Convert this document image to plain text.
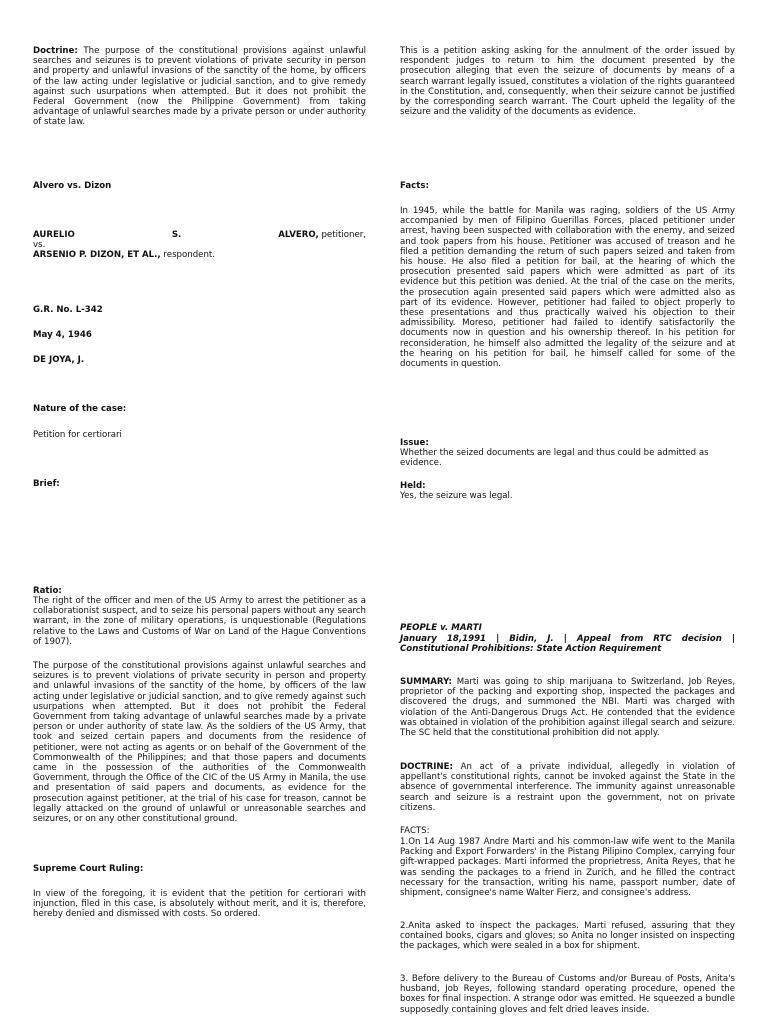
Doctrine: The purpose of the constitutional provisions against unlawful searches and seizures is to prevent violations of private security in person and property and unlawful invasions of the sanctity of the home, by officers of the law acting under legislative or judicial sanction, and to give remedy against such usurpations when attempted. But it does not prohibit the Federal Government (now the Philippine Government) from taking advantage of unlawful searches made by a private person or under authority of state law.

Alvero vs. Dizon

AURELIO	S.	ALVERO, petitioner,

vs.

ARSENIO P. DIZON, ET AL., respondent.

G.R. No. L-342

May 4, 1946

DE JOYA, J.

Nature of the case:

Petition for certiorari

Brief:

Ratio:

The right of the officer and men of the US Army to arrest the petitioner as a collaborationist suspect, and to seize his personal papers without any search warrant, in the zone of military operations, is unquestionable (Regulations relative to the Laws and Customs of War on Land of the Hague Conventions of 1907).

The purpose of the constitutional provisions against unlawful searches and seizures is to prevent violations of private security in person and property and unlawful invasions of the sanctity of the home, by officers of the law acting under legislative or judicial sanction, and to give remedy against such usurpations when attempted. But it does not prohibit the Federal Government from taking advantage of unlawful searches made by a private person or under authority of state law. As the soldiers of the US Army, that took and seized certain papers and documents from the residence of petitioner, were not acting as agents or on behalf of the Government of the Commonwealth of the Philippines; and that those papers and documents came in the possession of the authorities of the Commonwealth Government, through the Office of the CIC of the US Army in Manila, the use and presentation of said papers and documents, as evidence for the prosecution against petitioner, at the trial of his case for treason, cannot be legally attacked on the ground of unlawful or unreasonable searches and seizures, or on any other constitutional ground.

Supreme Court Ruling:

In view of the foregoing, it is evident that the petition for certiorari with injunction, filed in this case, is absolutely without merit, and it is, therefore, hereby denied and dismissed with costs. So ordered.

This is a petition asking asking for the annulment of the order issued by respondent judges to return to him the document presented by the prosecution alleging that even the seizure of documents by means of a search warrant legally issued, constitutes a violation of the rights guaranteed in the Constitution, and, consequently, when their seizure cannot be justified by the corresponding search warrant. The Court upheld the legality of the seizure and the validity of the documents as evidence.

Facts:

In 1945, while the battle for Manila was raging, soldiers of the US Army accompanied by men of Filipino Guerillas Forces, placed petitioner under arrest, having been suspected with collaboration with the enemy, and seized and took papers from his house. Petitioner was accused of treason and he filed a petition demanding the return of such papers seized and taken from his house. He also filed a petition for bail, at the hearing of which the prosecution presented said papers which were admitted as part of its evidence but this petition was denied. At the trial of the case on the merits, the prosecution again presented said papers which were admitted also as part of its evidence. However, petitioner had failed to object properly to these presentations and thus practically waived his objection to their admissibility. Moreso, petitioner had failed to identify satisfactorily the documents now in question and his ownership thereof. In his petition for reconsideration, he himself also admitted the legality of the seizure and at the hearing on his petition for bail, he himself called for some of the documents in question.

Issue:

Whether the seized documents are legal and thus could be admitted as evidence.

Held:

Yes, the seizure was legal.

PEOPLE v. MARTI

January 18,1991 | Bidin, J. | Appeal from RTC decision | Constitutional Prohibitions: State Action Requirement

SUMMARY: Marti was going to ship marijuana to Switzerland. Job Reyes, proprietor of the packing and exporting shop, inspected the packages and discovered the drugs, and summoned the NBI. Marti was charged with violation of the Anti-Dangerous Drugs Act. He contended that the evidence was obtained in violation of the prohibition against illegal search and seizure. The SC held that the constitutional prohibition did not apply.

DOCTRINE: An act of a private individual, allegedly in violation of appellant's constitutional rights, cannot be invoked against the State in the absence of governmental interference. The immunity against unreasonable search and seizure is a restraint upon the government, not on private citizens.

FACTS:

1.On 14 Aug 1987 Andre Marti and his common-law wife went to the Manila Packing and Export Forwarders' in the Pistang Pilipino Complex, carrying four gift-wrapped packages. Marti informed the proprietress, Anita Reyes, that he was sending the packages to a friend in Zurich, and he filled the contract necessary for the transaction, writing his name, passport number, date of shipment, consignee's name Walter Fierz, and consignee's address.

2.Anita asked to inspect the packages. Marti refused, assuring that they contained books, cigars and gloves; so Anita no longer insisted on inspecting the packages, which were sealed in a box for shipment.

3. Before delivery to the Bureau of Customs and/or Bureau of Posts, Anita's husband, Job Reyes, following standard operating procedure, opened the boxes for final inspection. A strange odor was emitted. He squeezed a bundle supposedly containing gloves and felt dried leaves inside.
